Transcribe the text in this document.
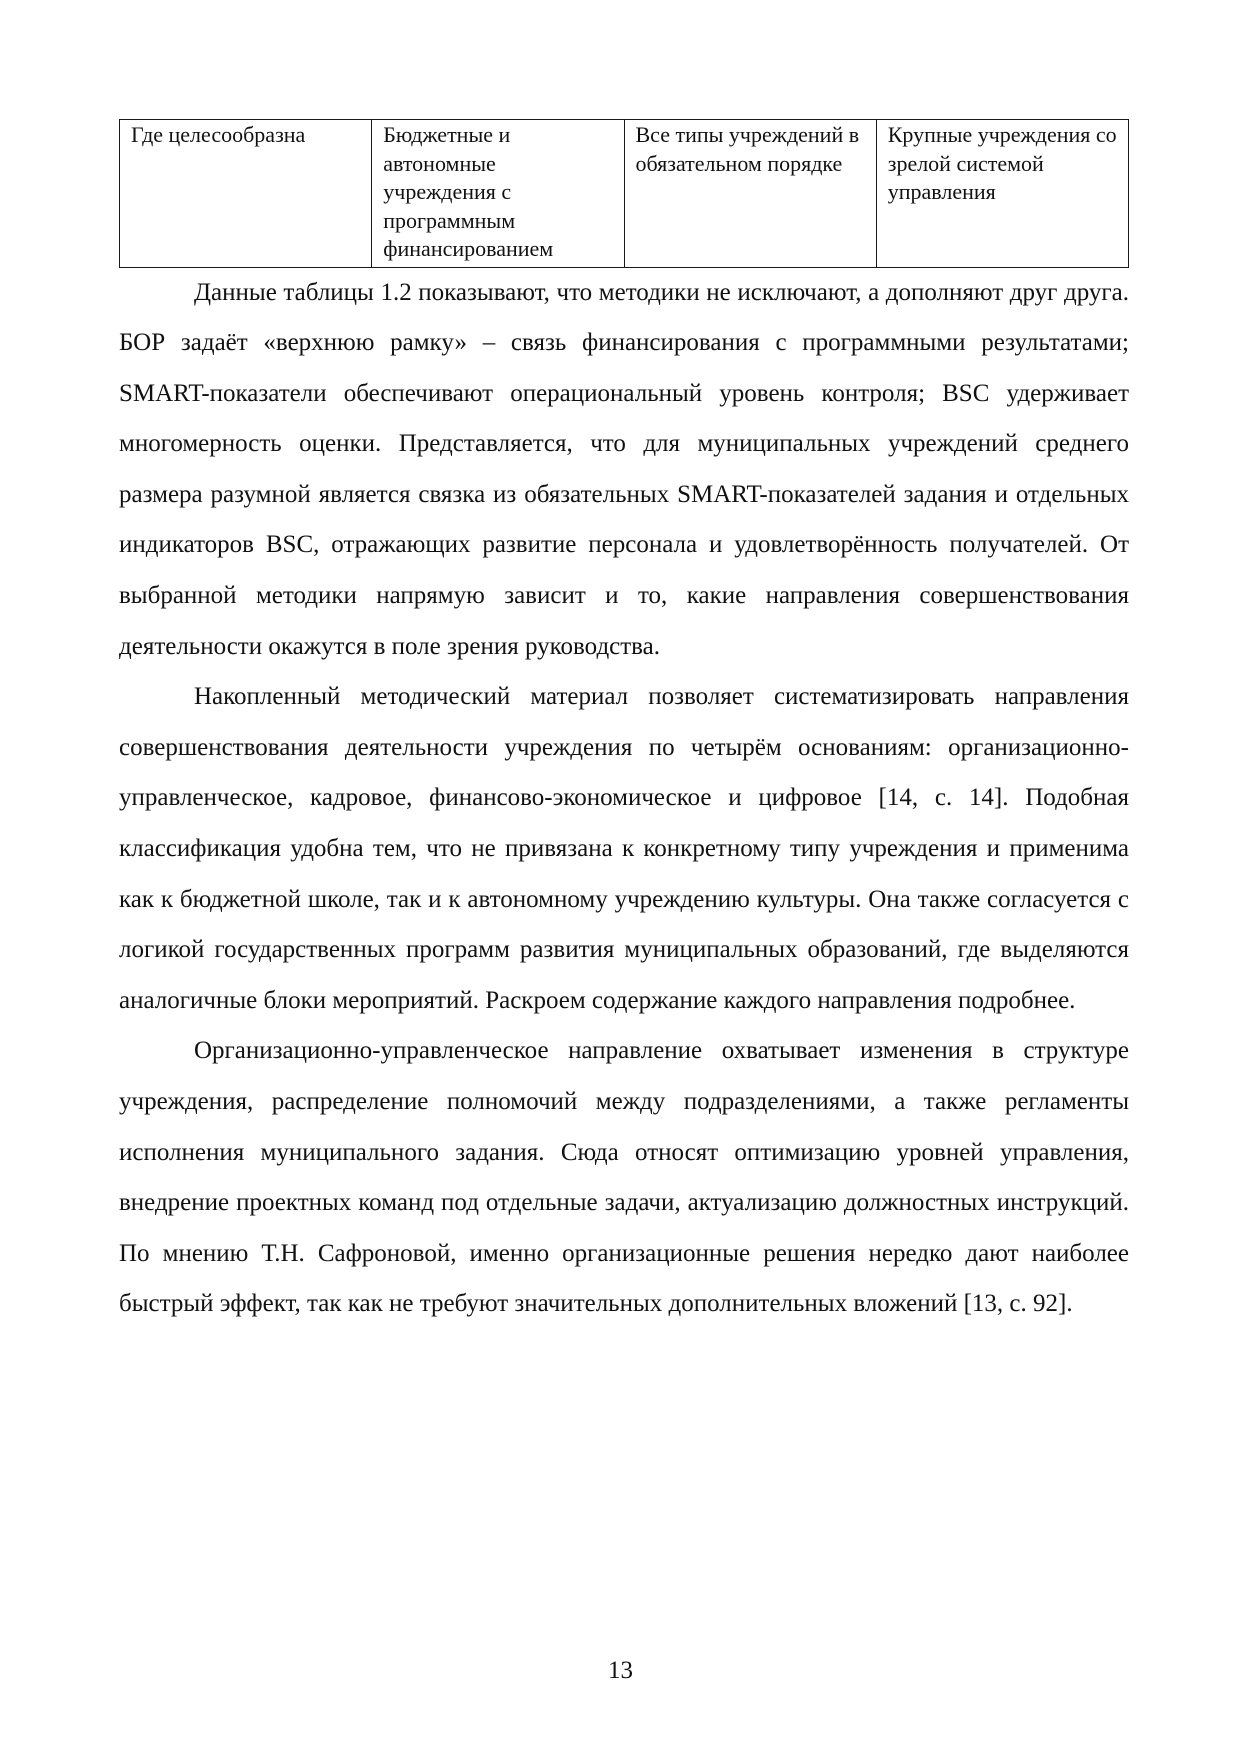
Где целесообразна	Бюджетные и автономные учреждения с программным финансированием	Все типы учреждений в обязательном порядке	Крупные учреждения со зрелой системой управления

Данные таблицы 1.2 показывают, что методики не исключают, а дополняют друг друга. БОР задаёт «верхнюю рамку» – связь финансирования с программными результатами; SMART-показатели обеспечивают операциональный уровень контроля; BSC удерживает многомерность оценки. Представляется, что для муниципальных учреждений среднего размера разумной является связка из обязательных SMART-показателей задания и отдельных индикаторов BSC, отражающих развитие персонала и удовлетворённость получателей. От выбранной методики напрямую зависит и то, какие направления совершенствования деятельности окажутся в поле зрения руководства.

Накопленный методический материал позволяет систематизировать направления совершенствования деятельности учреждения по четырём основаниям: организационно-управленческое, кадровое, финансово-экономическое и цифровое [14, с. 14]. Подобная классификация удобна тем, что не привязана к конкретному типу учреждения и применима как к бюджетной школе, так и к автономному учреждению культуры. Она также согласуется с логикой государственных программ развития муниципальных образований, где выделяются аналогичные блоки мероприятий. Раскроем содержание каждого направления подробнее.

Организационно-управленческое направление охватывает изменения в структуре учреждения, распределение полномочий между подразделениями, а также регламенты исполнения муниципального задания. Сюда относят оптимизацию уровней управления, внедрение проектных команд под отдельные задачи, актуализацию должностных инструкций. По мнению Т.Н. Сафроновой, именно организационные решения нередко дают наиболее быстрый эффект, так как не требуют значительных дополнительных вложений [13, с. 92].

13
